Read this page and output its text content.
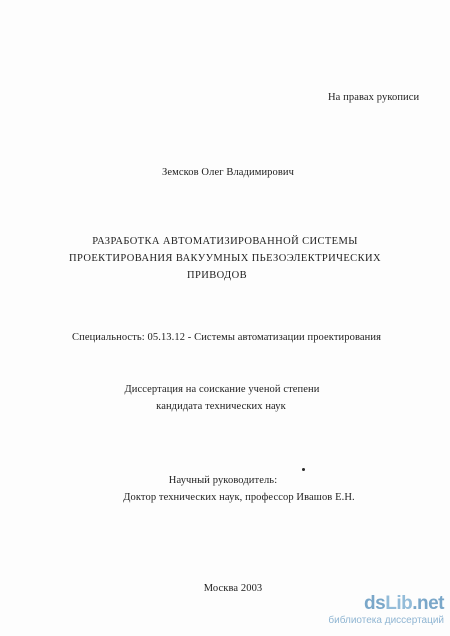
На правах рукописи
Земсков Олег Владимирович
РАЗРАБОТКА АВТОМАТИЗИРОВАННОЙ СИСТЕМЫ
ПРОЕКТИРОВАНИЯ ВАКУУМНЫХ ПЬЕЗОЭЛЕКТРИЧЕСКИХ
ПРИВОДОВ
Специальность: 05.13.12 - Системы автоматизации проектирования
Диссертация на соискание ученой степени
кандидата технических наук
Научный руководитель:
Доктор технических наук, профессор Ивашов Е.Н.
Москва 2003
dsLib.net
библиотека диссертаций
